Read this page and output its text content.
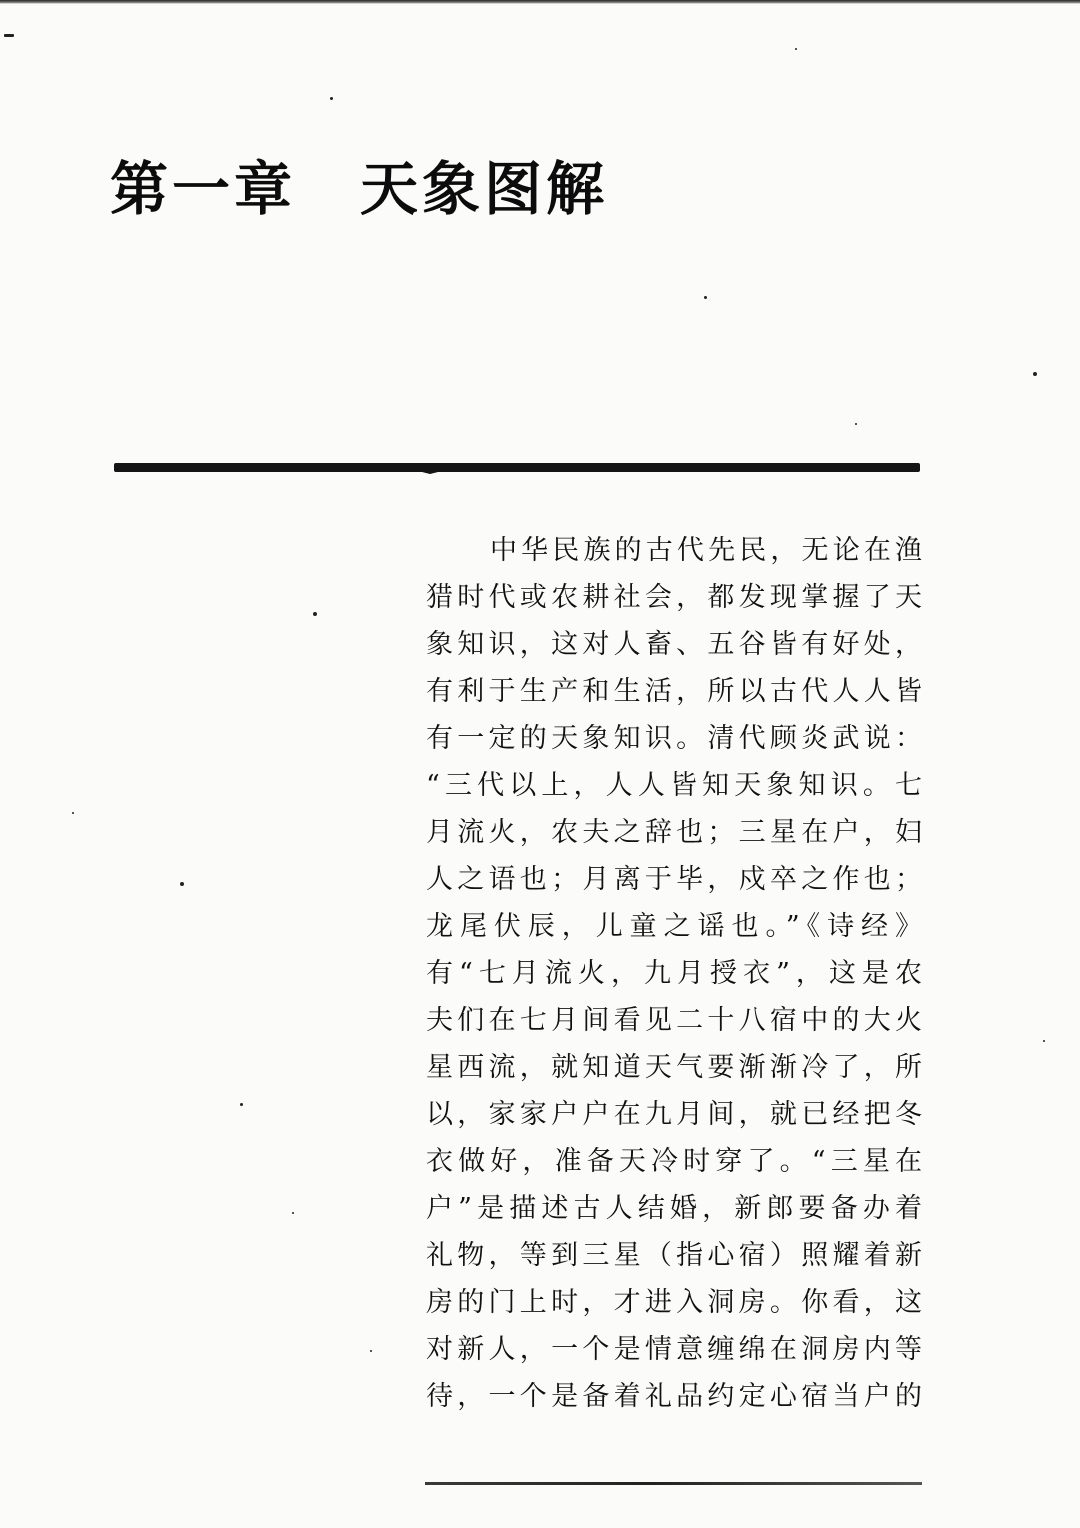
第一章 天象图解
中华民族的古代先民，无论在渔
猎时代或农耕社会，都发现掌握了天
象知识，这对人畜、五谷皆有好处，
有利于生产和生活，所以古代人人皆
有一定的天象知识。清代顾炎武说：
“三代以上，人人皆知天象知识。七
月流火，农夫之辞也；三星在户，妇
人之语也；月离于毕，戍卒之作也；
龙尾伏辰，儿童之谣也。”《诗经》
有“七月流火，九月授衣”，这是农
夫们在七月间看见二十八宿中的大火
星西流，就知道天气要渐渐冷了，所
以，家家户户在九月间，就已经把冬
衣做好，准备天冷时穿了。“三星在
户”是描述古人结婚，新郎要备办着
礼物，等到三星（指心宿）照耀着新
房的门上时，才进入洞房。你看，这
对新人，一个是情意缠绵在洞房内等
待，一个是备着礼品约定心宿当户的
